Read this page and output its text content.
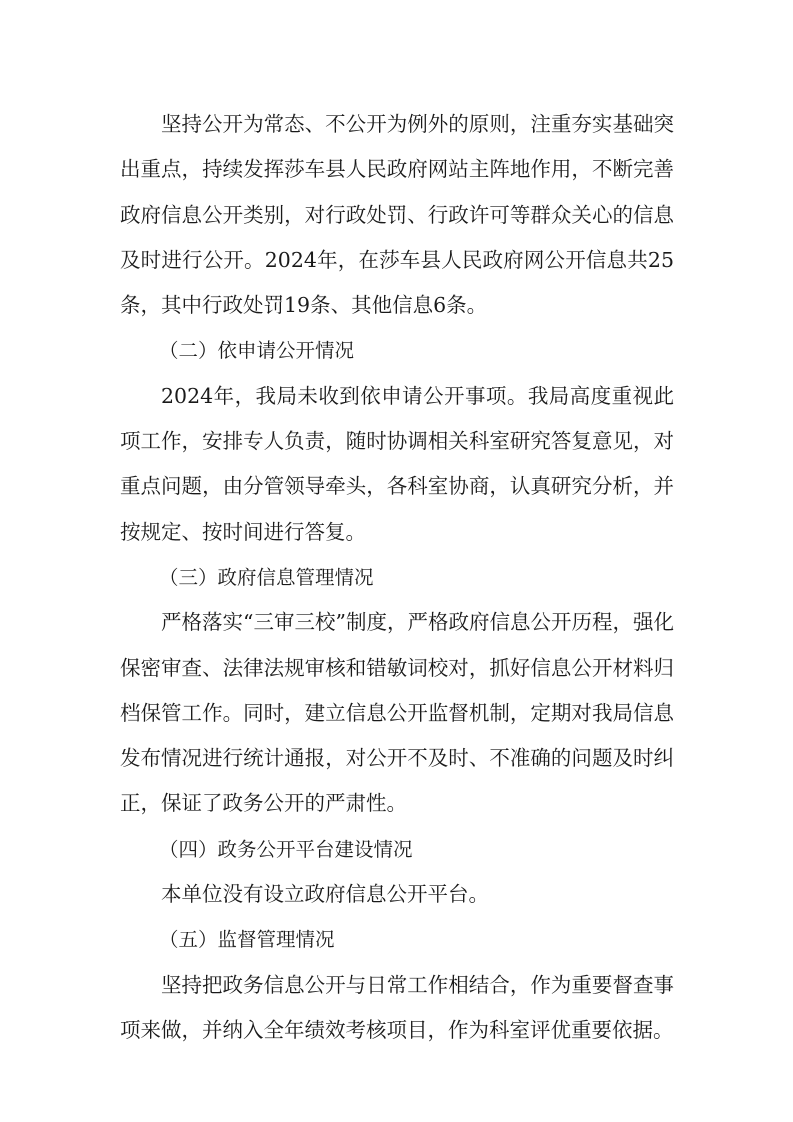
坚持公开为常态、不公开为例外的原则，注重夯实基础突出重点，持续发挥莎车县人民政府网站主阵地作用，不断完善政府信息公开类别，对行政处罚、行政许可等群众关心的信息及时进行公开。2024年，在莎车县人民政府网公开信息共25条，其中行政处罚19条、其他信息6条。

（二）依申请公开情况

2024年，我局未收到依申请公开事项。我局高度重视此项工作，安排专人负责，随时协调相关科室研究答复意见，对重点问题，由分管领导牵头，各科室协商，认真研究分析，并按规定、按时间进行答复。

（三）政府信息管理情况

严格落实“三审三校”制度，严格政府信息公开历程，强化保密审查、法律法规审核和错敏词校对，抓好信息公开材料归档保管工作。同时，建立信息公开监督机制，定期对我局信息发布情况进行统计通报，对公开不及时、不准确的问题及时纠正，保证了政务公开的严肃性。

（四）政务公开平台建设情况

本单位没有设立政府信息公开平台。

（五）监督管理情况

坚持把政务信息公开与日常工作相结合，作为重要督查事项来做，并纳入全年绩效考核项目，作为科室评优重要依据。
